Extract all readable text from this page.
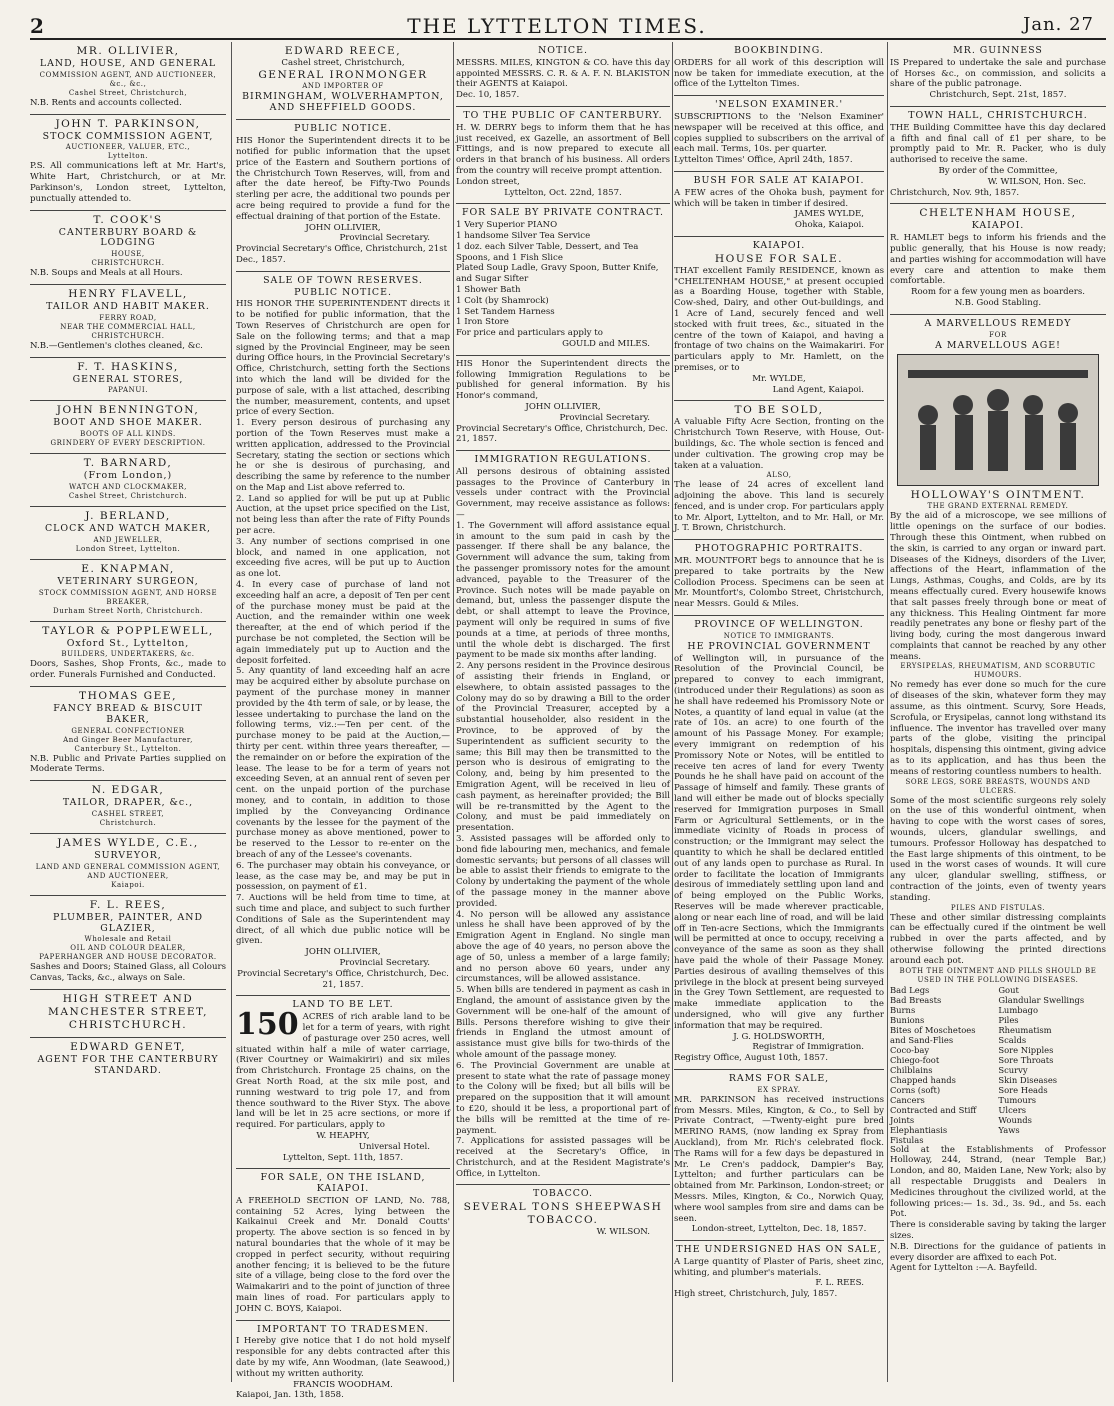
2	THE LYTTELTON TIMES.	Jan. 27
MR. OLLIVIER,
LAND, HOUSE, AND GENERAL
COMMISSION AGENT, AND AUCTIONEER, &c., &c.,
Cashel Street, Christchurch,

N.B. Rents and accounts collected.

JOHN T. PARKINSON,
STOCK COMMISSION AGENT,
AUCTIONEER, VALUER, ETC.,
Lyttelton.

P.S. All communications left at Mr. Hart's, White Hart, Christchurch, or at Mr. Parkinson's, London street, Lyttelton, punctually attended to.

T. COOK'S
CANTERBURY BOARD & LODGING
HOUSE,
CHRISTCHURCH.

N.B. Soups and Meals at all Hours.

HENRY FLAVELL,
TAILOR AND HABIT MAKER.
FERRY ROAD,
NEAR THE COMMERCIAL HALL,
CHRISTCHURCH.

N.B.—Gentlemen's clothes cleaned, &c.

F. T. HASKINS,
GENERAL STORES,
PAPANUI.
JOHN BENNINGTON,
BOOT AND SHOE MAKER.
BOOTS OF ALL KINDS.
GRINDERY OF EVERY DESCRIPTION.
T. BARNARD,
(From London,)
WATCH AND CLOCKMAKER,
Cashel Street, Christchurch.
J. BERLAND,
CLOCK AND WATCH MAKER,
AND JEWELLER,
London Street, Lyttelton.
E. KNAPMAN,
VETERINARY SURGEON,
STOCK COMMISSION AGENT, AND HORSE BREAKER,
Durham Street North, Christchurch.
TAYLOR & POPPLEWELL,
Oxford St., Lyttelton,
BUILDERS, UNDERTAKERS, &c.

Doors, Sashes, Shop Fronts, &c., made to order. Funerals Furnished and Conducted.

THOMAS GEE,
FANCY BREAD & BISCUIT BAKER,
GENERAL CONFECTIONER
And Ginger Beer Manufacturer,
Canterbury St., Lyttelton.

N.B. Public and Private Parties supplied on Moderate Terms.

N. EDGAR,
TAILOR, DRAPER, &c.,
CASHEL STREET,
Christchurch.
JAMES WYLDE, C.E.,
SURVEYOR,
LAND AND GENERAL COMMISSION AGENT, AND AUCTIONEER,
Kaiapoi.
F. L. REES,
PLUMBER, PAINTER, AND GLAZIER,
Wholesale and Retail
OIL AND COLOUR DEALER,
PAPERHANGER AND HOUSE DECORATOR.

Sashes and Doors; Stained Glass, all Colours Canvas, Tacks, &c., always on Sale.

HIGH STREET AND MANCHESTER STREET, CHRISTCHURCH.
EDWARD GENET,
AGENT FOR THE CANTERBURY STANDARD.
EDWARD REECE,
Cashel street, Christchurch,
GENERAL IRONMONGER
AND IMPORTER OF
BIRMINGHAM, WOLVERHAMPTON, AND SHEFFIELD GOODS.
PUBLIC NOTICE.

HIS Honor the Superintendent directs it to be notified for public information that the upset price of the Eastern and Southern portions of the Christchurch Town Reserves, will, from and after the date hereof, be Fifty-Two Pounds sterling per acre, the additional two pounds per acre being required to provide a fund for the effectual draining of that portion of the Estate.

JOHN OLLIVIER,
Provincial Secretary.
Provincial Secretary's Office, Christchurch, 21st Dec., 1857.
SALE OF TOWN RESERVES.
PUBLIC NOTICE.

HIS HONOR THE SUPERINTENDENT directs it to be notified for public information, that the Town Reserves of Christchurch are open for Sale on the following terms; and that a map signed by the Provincial Engineer, may be seen during Office hours, in the Provincial Secretary's Office, Christchurch, setting forth the Sections into which the land will be divided for the purpose of sale, with a list attached, describing the number, measurement, contents, and upset price of every Section.

1. Every person desirous of purchasing any portion of the Town Reserves must make a written application, addressed to the Provincial Secretary, stating the section or sections which he or she is desirous of purchasing, and describing the same by reference to the number on the Map and List above referred to.

2. Land so applied for will be put up at Public Auction, at the upset price specified on the List, not being less than after the rate of Fifty Pounds per acre.

3. Any number of sections comprised in one block, and named in one application, not exceeding five acres, will be put up to Auction as one lot.

4. In every case of purchase of land not exceeding half an acre, a deposit of Ten per cent of the purchase money must be paid at the Auction, and the remainder within one week thereafter, at the end of which period if the purchase be not completed, the Section will be again immediately put up to Auction and the deposit forfeited.

5. Any quantity of land exceeding half an acre may be acquired either by absolute purchase on payment of the purchase money in manner provided by the 4th term of sale, or by lease, the lessee undertaking to purchase the land on the following terms, viz.:—Ten per cent. of the purchase money to be paid at the Auction,—thirty per cent. within three years thereafter, —the remainder on or before the expiration of the lease. The lease to be for a term of years not exceeding Seven, at an annual rent of seven per cent. on the unpaid portion of the purchase money, and to contain, in addition to those implied by the Conveyancing Ordinance covenants by the lessee for the payment of the purchase money as above mentioned, power to be reserved to the Lessor to re-enter on the breach of any of the Lessee's covenants.

6. The purchaser may obtain his conveyance, or lease, as the case may be, and may be put in possession, on payment of £1.

7. Auctions will be held from time to time, at such time and place, and subject to such further Conditions of Sale as the Superintendent may direct, of all which due public notice will be given.

JOHN OLLIVIER,
Provincial Secretary.
Provincial Secretary's Office, Christchurch, Dec. 21, 1857.
LAND TO BE LET.
150 ACRES of rich arable land to be let for a term of years, with right of pasturage over 250 acres, well situated within half a mile of water carriage, (River Courtney or Waimakiriri) and six miles from Christchurch. Frontage 25 chains, on the Great North Road, at the six mile post, and running westward to trig pole 17, and from thence southward to the River Styx. The above land will be let in 25 acre sections, or more if required. For particulars, apply to

W. HEAPHY,
Universal Hotel.
Lyttelton, Sept. 11th, 1857.
FOR SALE, ON THE ISLAND, KAIAPOI.

A FREEHOLD SECTION OF LAND, No. 788, containing 52 Acres, lying between the Kaikainui Creek and Mr. Donald Coutts' property. The above section is so fenced in by natural boundaries that the whole of it may be cropped in perfect security, without requiring another fencing; it is believed to be the future site of a village, being close to the ford over the Waimakariri and to the point of junction of three main lines of road. For particulars apply to JOHN C. BOYS, Kaiapoi.

IMPORTANT TO TRADESMEN.

I Hereby give notice that I do not hold myself responsible for any debts contracted after this date by my wife, Ann Woodman, (late Seawood,) without my written authority.

FRANCIS WOODHAM.
Kaiapoi, Jan. 13th, 1858.
NOTICE.

MESSRS. MILES, KINGTON & CO. have this day appointed MESSRS. C. R. & A. F. N. BLAKISTON their AGENTS at Kaiapoi.

Dec. 10, 1857.
TO THE PUBLIC OF CANTERBURY.

H. W. DERRY begs to inform them that he has just received, ex Gazelle, an assortment of Bell Fittings, and is now prepared to execute all orders in that branch of his business. All orders from the country will receive prompt attention.

London street,
Lyttelton, Oct. 22nd, 1857.
FOR SALE BY PRIVATE CONTRACT.
1 Very Superior PIANO
1 handsome Silver Tea Service
1 doz. each Silver Table, Dessert, and Tea Spoons, and 1 Fish Slice
Plated Soup Ladle, Gravy Spoon, Butter Knife, and Sugar Sifter
1 Shower Bath
1 Colt (by Shamrock)
1 Set Tandem Harness
1 Iron Store
For price and particulars apply to
GOULD and MILES.

HIS Honor the Superintendent directs the following Immigration Regulations to be published for general information. By his Honor's command,

JOHN OLLIVIER,
Provincial Secretary.
Provincial Secretary's Office, Christchurch, Dec. 21, 1857.
IMMIGRATION REGULATIONS.

All persons desirous of obtaining assisted passages to the Province of Canterbury in vessels under contract with the Provincial Government, may receive assistance as follows:—

1. The Government will afford assistance equal in amount to the sum paid in cash by the passenger. If there shall be any balance, the Government will advance the sum, taking from the passenger promissory notes for the amount advanced, payable to the Treasurer of the Province. Such notes will be made payable on demand, but, unless the passenger dispute the debt, or shall attempt to leave the Province, payment will only be required in sums of five pounds at a time, at periods of three months, until the whole debt is discharged. The first payment to be made six months after landing.

2. Any persons resident in the Province desirous of assisting their friends in England, or elsewhere, to obtain assisted passages to the Colony may do so by drawing a Bill to the order of the Provincial Treasurer, accepted by a substantial householder, also resident in the Province, to be approved of by the Superintendent as sufficient security to the same; this Bill may then be transmitted to the person who is desirous of emigrating to the Colony, and, being by him presented to the Emigration Agent, will be received in lieu of cash payment, as hereinafter provided; the Bill will be re-transmitted by the Agent to the Colony, and must be paid immediately on presentation.

3. Assisted passages will be afforded only to bond fide labouring men, mechanics, and female domestic servants; but persons of all classes will be able to assist their friends to emigrate to the Colony by undertaking the payment of the whole of the passage money in the manner above provided.

4. No person will be allowed any assistance unless he shall have been approved of by the Emigration Agent in England. No single man above the age of 40 years, no person above the age of 50, unless a member of a large family; and no person above 60 years, under any circumstances, will be allowed assistance.

5. When bills are tendered in payment as cash in England, the amount of assistance given by the Government will be one-half of the amount of Bills. Persons therefore wishing to give their friends in England the utmost amount of assistance must give bills for two-thirds of the whole amount of the passage money.

6. The Provincial Government are unable at present to state what the rate of passage money to the Colony will be fixed; but all bills will be prepared on the supposition that it will amount to £20, should it be less, a proportional part of the bills will be remitted at the time of re-payment.

7. Applications for assisted passages will be received at the Secretary's Office, in Christchurch, and at the Resident Magistrate's Office, in Lyttelton.

TOBACCO.
SEVERAL TONS SHEEPWASH TOBACCO.
W. WILSON.
BOOKBINDING.

ORDERS for all work of this description will now be taken for immediate execution, at the office of the Lyttelton Times.

'NELSON EXAMINER.'

SUBSCRIPTIONS to the 'Nelson Examiner' newspaper will be received at this office, and copies supplied to subscribers on the arrival of each mail. Terms, 10s. per quarter.

Lyttelton Times' Office, April 24th, 1857.
BUSH FOR SALE AT KAIAPOI.

A FEW acres of the Ohoka bush, payment for which will be taken in timber if desired.

JAMES WYLDE,
Ohoka, Kaiapoi.
KAIAPOI.
HOUSE FOR SALE.

THAT excellent Family RESIDENCE, known as "CHELTENHAM HOUSE," at present occupied as a Boarding House, together with Stable, Cow-shed, Dairy, and other Out-buildings, and 1 Acre of Land, securely fenced and well stocked with fruit trees, &c., situated in the centre of the town of Kaiapoi, and having a frontage of two chains on the Waimakariri. For particulars apply to Mr. Hamlett, on the premises, or to

Mr. WYLDE,
Land Agent, Kaiapoi.
TO BE SOLD,

A valuable Fifty Acre Section, fronting on the Christchurch Town Reserve, with House, Out-buildings, &c. The whole section is fenced and under cultivation. The growing crop may be taken at a valuation.

ALSO,

The lease of 24 acres of excellent land adjoining the above. This land is securely fenced, and is under crop. For particulars apply to Mr. Alport, Lyttelton, and to Mr. Hall, or Mr. J. T. Brown, Christchurch.

PHOTOGRAPHIC PORTRAITS.

MR. MOUNTFORT begs to announce that he is prepared to take portraits by the New Collodion Process. Specimens can be seen at Mr. Mountfort's, Colombo Street, Christchurch, near Messrs. Gould & Miles.

PROVINCE OF WELLINGTON.
NOTICE TO IMMIGRANTS.
HE PROVINCIAL GOVERNMENT

of Wellington will, in pursuance of the Resolution of the Provincial Council, be prepared to convey to each immigrant, (introduced under their Regulations) as soon as he shall have redeemed his Promissory Note or Notes, a quantity of land equal in value (at the rate of 10s. an acre) to one fourth of the amount of his Passage Money. For example; every immigrant on redemption of his Promissory Note or Notes, will be entitled to receive ten acres of land for every Twenty Pounds he he shall have paid on account of the Passage of himself and family. These grants of land will either be made out of blocks specially reserved for Immigration purposes in Small Farm or Agricultural Settlements, or in the immediate vicinity of Roads in process of construction; or the Immigrant may select the quantity to which he shall be declared entitled out of any lands open to purchase as Rural. In order to facilitate the location of Immigrants desirous of immediately settling upon land and of being employed on the Public Works, Reserves will be made wherever practicable, along or near each line of road, and will be laid off in Ten-acre Sections, which the Immigrants will be permitted at once to occupy, receiving a conveyance of the same as soon as they shall have paid the whole of their Passage Money. Parties desirous of availing themselves of this privilege in the block at present being surveyed in the Grey Town Settlement, are requested to make immediate application to the undersigned, who will give any further information that may be required.

J. G. HOLDSWORTH,
Registrar of Immigration.
Registry Office, August 10th, 1857.
RAMS FOR SALE,
EX SPRAY.

MR. PARKINSON has received instructions from Messrs. Miles, Kington, & Co., to Sell by Private Contract, —Twenty-eight pure bred MERINO RAMS, (now landing ex Spray from Auckland), from Mr. Rich's celebrated flock. The Rams will for a few days be depastured in Mr. Le Cren's paddock, Dampier's Bay, Lyttelton; and further particulars can be obtained from Mr. Parkinson, London-street; or Messrs. Miles, Kington, & Co., Norwich Quay, where wool samples from sire and dams can be seen.

London-street, Lyttelton, Dec. 18, 1857.
THE UNDERSIGNED HAS ON SALE,

A Large quantity of Plaster of Paris, sheet zinc, whiting, and plumber's materials.

F. L. REES.
High street, Christchurch, July, 1857.
MR. GUINNESS

IS Prepared to undertake the sale and purchase of Horses &c., on commission, and solicits a share of the public patronage.

Christchurch, Sept. 21st, 1857.
TOWN HALL, CHRISTCHURCH.

THE Building Committee have this day declared a fifth and final call of £1 per share, to be promptly paid to Mr. R. Packer, who is duly authorised to receive the same.

By order of the Committee,
W. WILSON, Hon. Sec.
Christchurch, Nov. 9th, 1857.
CHELTENHAM HOUSE,
KAIAPOI.

R. HAMLET begs to inform his friends and the public generally, that his House is now ready; and parties wishing for accommodation will have every care and attention to make them comfortable.

Room for a few young men as boarders.
N.B. Good Stabling.
A MARVELLOUS REMEDY
FOR
A MARVELLOUS AGE!
HOLLOWAY'S OINTMENT.
THE GRAND EXTERNAL REMEDY.

By the aid of a microscope, we see millions of little openings on the surface of our bodies. Through these this Ointment, when rubbed on the skin, is carried to any organ or inward part. Diseases of the Kidneys, disorders of the Liver, affections of the Heart, inflammation of the Lungs, Asthmas, Coughs, and Colds, are by its means effectually cured. Every housewife knows that salt passes freely through bone or meat of any thickness. This Healing Ointment far more readily penetrates any bone or fleshy part of the living body, curing the most dangerous inward complaints that cannot be reached by any other means.

ERYSIPELAS, RHEUMATISM, AND SCORBUTIC HUMOURS.

No remedy has ever done so much for the cure of diseases of the skin, whatever form they may assume, as this ointment. Scurvy, Sore Heads, Scrofula, or Erysipelas, cannot long withstand its influence. The inventor has travelled over many parts of the globe, visiting the principal hospitals, dispensing this ointment, giving advice as to its application, and has thus been the means of restoring countless numbers to health.

SORE LEGS, SORE BREASTS, WOUNDS AND ULCERS.

Some of the most scientific surgeons rely solely on the use of this wonderful ointment, when having to cope with the worst cases of sores, wounds, ulcers, glandular swellings, and tumours. Professor Holloway has despatched to the East large shipments of this ointment, to be used in the worst cases of wounds. It will cure any ulcer, glandular swelling, stiffness, or contraction of the joints, even of twenty years standing.

PILES AND FISTULAS.

These and other similar distressing complaints can be effectually cured if the ointment be well rubbed in over the parts affected, and by otherwise following the printed directions around each pot.

BOTH THE OINTMENT AND PILLS SHOULD BE USED IN THE FOLLOWING DISEASES.
Bad Legs	Gout
Bad Breasts	Glandular Swellings
Burns	Lumbago
Bunions	Piles
Bites of Moschetoes	Rheumatism
and Sand-Flies	Scalds
Coco-bay	Sore Nipples
Chiego-foot	Sore Throats
Chilblains	Scurvy
Chapped hands	Skin Diseases
Corns (soft)	Sore Heads
Cancers	Tumours
Contracted and Stiff	Ulcers
Joints	Wounds
Elephantiasis	Yaws
Fistulas	

Sold at the Establishments of Professor Holloway, 244, Strand, (near Temple Bar,) London, and 80, Maiden Lane, New York; also by all respectable Druggists and Dealers in Medicines throughout the civilized world, at the following prices:— 1s. 3d., 3s. 9d., and 5s. each Pot.

There is considerable saving by taking the larger sizes.

N.B. Directions for the guidance of patients in every disorder are affixed to each Pot.

Agent for Lyttelton :—A. Bayfeild.
